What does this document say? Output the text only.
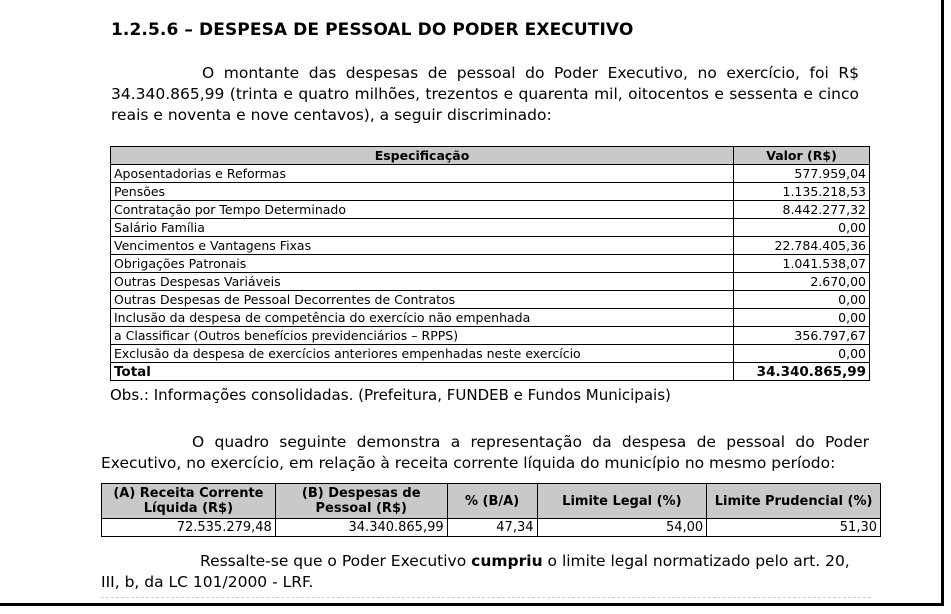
1.2.5.6 – DESPESA DE PESSOAL DO PODER EXECUTIVO

O montante das despesas de pessoal do Poder Executivo, no exercício, foi R$
34.340.865,99 (trinta e quatro milhões, trezentos e quarenta mil, oitocentos e sessenta e cinco
reais e noventa e nove centavos), a seguir discriminado:

Especificação	Valor (R$)
Aposentadorias e Reformas	577.959,04
Pensões	1.135.218,53
Contratação por Tempo Determinado	8.442.277,32
Salário Família	0,00
Vencimentos e Vantagens Fixas	22.784.405,36
Obrigações Patronais	1.041.538,07
Outras Despesas Variáveis	2.670,00
Outras Despesas de Pessoal Decorrentes de Contratos	0,00
Inclusão da despesa de competência do exercício não empenhada	0,00
a Classificar (Outros benefícios previdenciários – RPPS)	356.797,67
Exclusão da despesa de exercícios anteriores empenhadas neste exercício	0,00
Total	34.340.865,99

Obs.: Informações consolidadas. (Prefeitura, FUNDEB e Fundos Municipais)

O quadro seguinte demonstra a representação da despesa de pessoal do Poder
Executivo, no exercício, em relação à receita corrente líquida do município no mesmo período:

(A) Receita Corrente Líquida (R$)	(B) Despesas de Pessoal (R$)	% (B/A)	Limite Legal (%)	Limite Prudencial (%)
72.535.279,48	34.340.865,99	47,34	54,00	51,30

Ressalte-se que o Poder Executivo cumpriu o limite legal normatizado pelo art. 20,
III, b, da LC 101/2000 - LRF.
